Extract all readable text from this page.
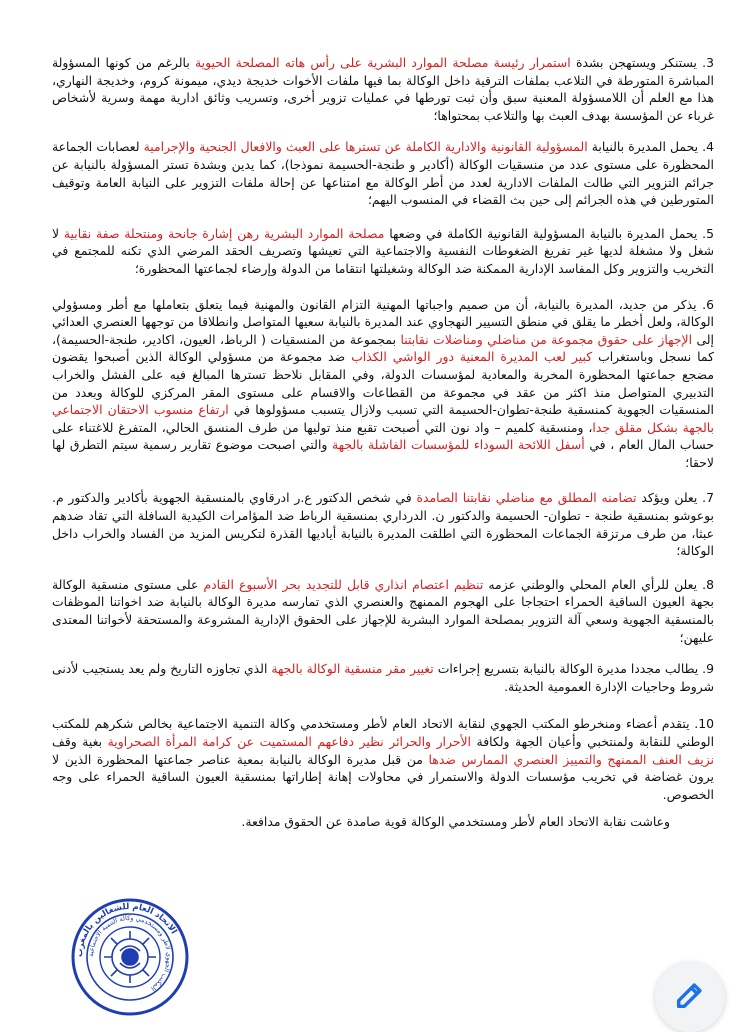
3. يستنكر ويستهجن بشدة استمرار رئيسة مصلحة الموارد البشرية على رأس هاته المصلحة الحيوية بالرغم من كونها المسؤولة المباشرة المتورطة في التلاعب بملفات الترقية داخل الوكالة بما فيها ملفات الأخوات خديجة ديدي، ميمونة كروم، وخديجة النهاري، هذا مع العلم أن اللامسؤولة المعنية سبق وأن ثبت تورطها في عمليات تزوير أخرى، وتسريب وثائق ادارية مهمة وسرية لأشخاص غرباء عن المؤسسة بهدف العبث بها والتلاعب بمحتواها؛

4. يحمل المديرة بالنيابة المسؤولية القانونية والادارية الكاملة عن تسترها على العبث والافعال الجنحية والإجرامية لعصابات الجماعة المحظورة على مستوى عدد من منسقيات الوكالة (أكادير و طنجة-الحسيمة نموذجا)، كما يدين وبشدة تستر المسؤولة بالنيابة عن جرائم التزوير التي طالت الملفات الادارية لعدد من أطر الوكالة مع امتناعها عن إحالة ملفات التزوير على النيابة العامة وتوقيف المتورطين في هذه الجرائم إلى حين بث القضاء في المنسوب اليهم؛

5. يحمل المديرة بالنيابة المسؤولية القانونية الكاملة في وضعها مصلحة الموارد البشرية رهن إشارة جانحة ومنتحلة صفة نقابية لا شغل ولا مشغلة لديها غير تفريغ الضغوطات النفسية والاجتماعية التي تعيشها وتصريف الحقد المرضي الذي تكنه للمجتمع في التخريب والتزوير وكل المفاسد الإدارية الممكنة ضد الوكالة وشغيلتها انتقاما من الدولة وإرضاء لجماعتها المحظورة؛

6. يذكر من جديد، المديرة بالنيابة، أن من صميم واجباتها المهنية التزام القانون والمهنية فيما يتعلق بتعاملها مع أطر ومسؤولي الوكالة، ولعل أخطر ما يقلق في منطق التسيير النهجاوي عند المديرة بالنيابة سعيها المتواصل وانطلاقا من توجهها العنصري العدائي إلى الإجهاز على حقوق مجموعة من مناضلي ومناضلات نقابتنا بمجموعة من المنسقيات ( الرباط، العيون، اكادير، طنجة-الحسيمة)، كما نسجل وباستغراب كبير لعب المديرة المعنية دور الواشي الكذاب ضد مجموعة من مسؤولي الوكالة الذين أصبحوا يقضون مضجع جماعتها المحظورة المخربة والمعادية لمؤسسات الدولة، وفي المقابل نلاحظ تسترها المبالغ فيه على الفشل والخراب التدبيري المتواصل منذ اكثر من عقد في مجموعة من القطاعات والاقسام على مستوى المقر المركزي للوكالة وبعدد من المنسقيات الجهوية كمنسقية طنجة-تطوان-الحسيمة التي تسبب ولازال يتسبب مسؤولوها في ارتفاع منسوب الاحتقان الاجتماعي بالجهة بشكل مقلق جدا، ومنسقية كلميم – واد نون التي أصبحت تقبع منذ توليها من طرف المنسق الحالي، المتفرغ للاغتناء على حساب المال العام ، في أسفل اللائحة السوداء للمؤسسات الفاشلة بالجهة والتي اصبحت موضوع تقارير رسمية سيتم التطرق لها لاحقا؛

7. يعلن ويؤكد تضامنه المطلق مع مناضلي نقابتنا الصامدة في شخص الدكتور ع.ر ادرقاوي بالمنسقية الجهوية بأكادير والدكتور م. بوعوشو بمنسقية طنجة - تطوان- الحسيمة والدكتور ن. الدرداري بمنسقية الرباط ضد المؤامرات الكيدية السافلة التي تقاد ضدهم عبثا، من طرف مرتزقة الجماعات المحظورة التي اطلقت المديرة بالنيابة أياديها القذرة لتكريس المزيد من الفساد والخراب داخل الوكالة؛

8. يعلن للرأي العام المحلي والوطني عزمه تنظيم اعتصام انذاري قابل للتجديد بحر الأسبوع القادم على مستوى منسقية الوكالة بجهة العيون الساقية الحمراء احتجاجا على الهجوم الممنهج والعنصري الذي تمارسه مديرة الوكالة بالنيابة ضد اخواتنا الموظفات بالمنسقية الجهوية وسعي آلة التزوير بمصلحة الموارد البشرية للإجهاز على الحقوق الإدارية المشروعة والمستحقة لأخواتنا المعتدى عليهن؛

9. يطالب مجددا مديرة الوكالة بالنيابة بتسريع إجراءات تغيير مقر منسقية الوكالة بالجهة الذي تجاوزه التاريخ ولم يعد يستجيب لأدنى شروط وحاجيات الإدارة العمومية الحديثة.

10. يتقدم أعضاء ومنخرطو المكتب الجهوي لنقابة الاتحاد العام لأطر ومستخدمي وكالة التنمية الاجتماعية بخالص شكرهم للمكتب الوطني للنقابة ولمنتخبي وأعيان الجهة ولكافة الأحرار والحرائر نظير دفاعهم المستميت عن كرامة المرأة الصحراوية بغية وقف نزيف العنف الممنهج والتمييز العنصري الممارس ضدها من قبل مديرة الوكالة بالنيابة بمعية عناصر جماعتها المحظورة الذين لا يرون غضاضة في تخريب مؤسسات الدولة والاستمرار في محاولات إهانة إطاراتها بمنسقية العيون الساقية الحمراء على وجه الخصوص.

وعاشت نقابة الاتحاد العام لأطر ومستخدمي الوكالة قوية صامدة عن الحقوق مدافعة.

الاتحاد العام للشغالين بالمغرب
المكتب الجهوي لأطر ومستخدمي وكالة التنمية الاجتماعية
